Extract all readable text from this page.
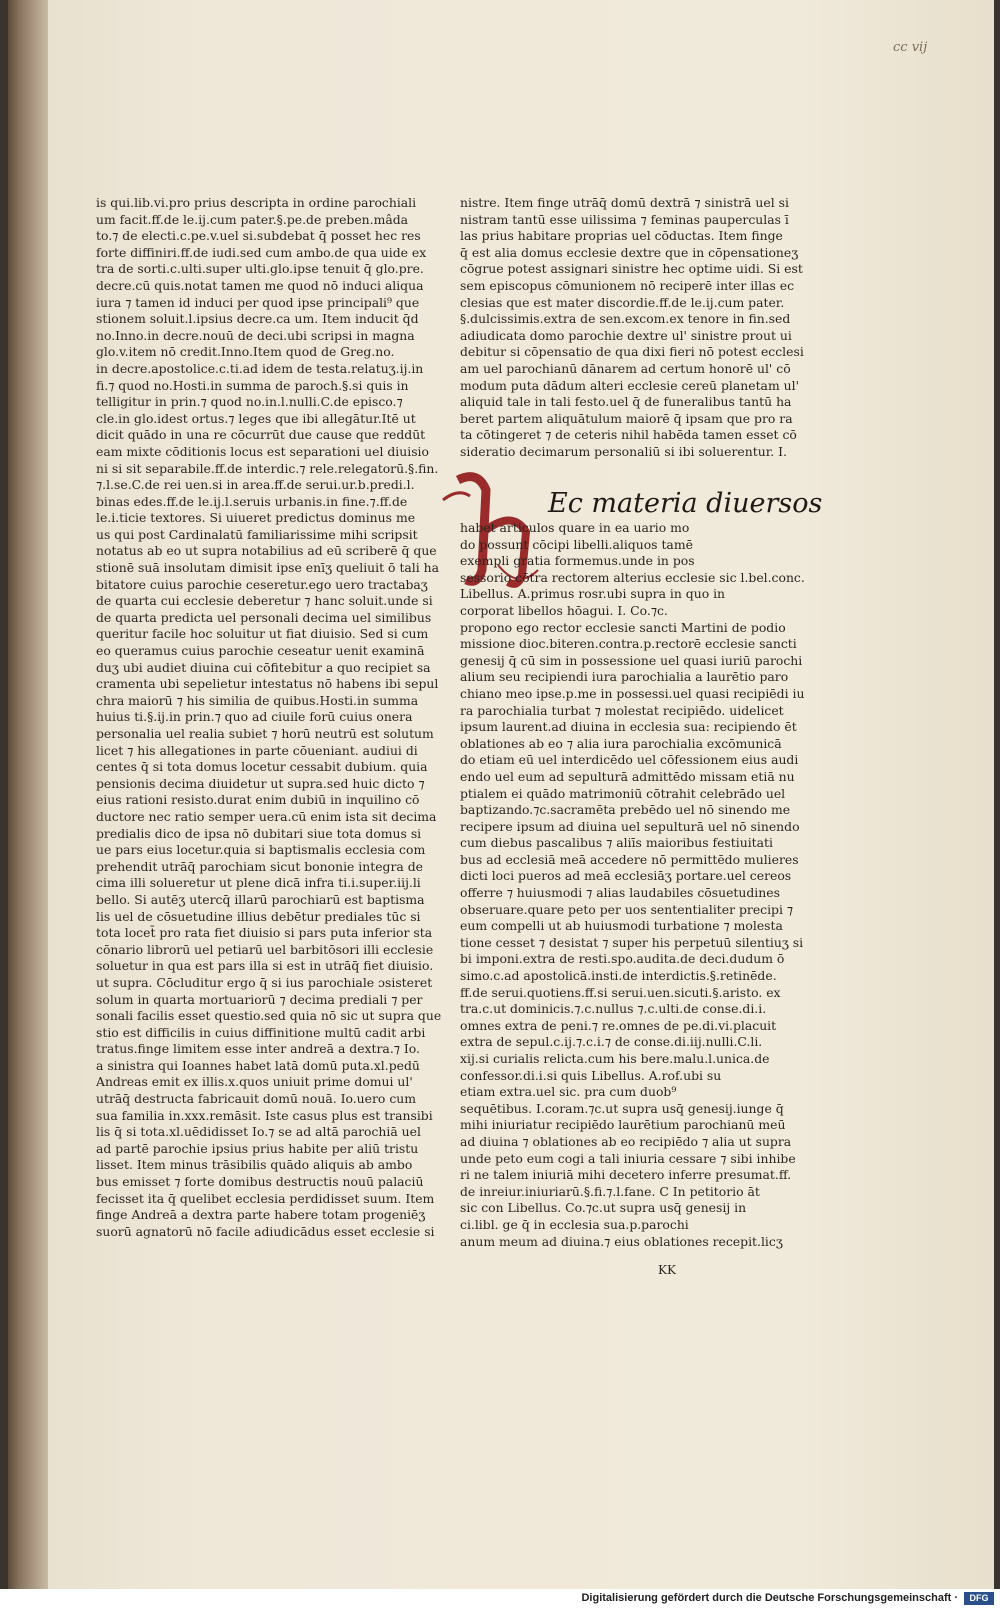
cc vij
is qui.lib.vi.pro prius descripta in ordine parochiali
um facit.ff.de le.ij.cum pater.§.pe.de preben.mâda
to.⁊ de electi.c.pe.v.uel si.subdebat q̄ posset hec res
forte diffiniri.ff.de iudi.sed cum ambo.de qua uide ex
tra de sorti.c.ulti.super ulti.glo.ipse tenuit q̄ glo.pre.
decre.cū quis.notat tamen me quod nō induci aliqua
iura ⁊ tamen id induci per quod ipse principali⁹ que
stionem soluit.l.ipsius decre.ca um. Item inducit q̄d
no.Inno.in decre.nouū de deci.ubi scripsi in magna
glo.v.item nō credit.Inno.Item quod de Greg.no.
in decre.apostolice.c.ti.ad idem de testa.relatuʒ.ij.in
fi.⁊ quod no.Hosti.in summa de paroch.§.si quis in
telligitur in prin.⁊ quod no.in.l.nulli.C.de episco.⁊
cle.in glo.idest ortus.⁊ leges que ibi allegātur.Itē ut
dicit quādo in una re cōcurrūt due cause que reddūt
eam mixte cōditionis locus est separationi uel diuisio
ni si sit separabile.ff.de interdic.⁊ rele.relegatorū.§.fin.
⁊.l.se.C.de rei uen.si in area.ff.de serui.ur.b.predi.l.
binas edes.ff.de le.ij.l.seruis urbanis.in fine.⁊.ff.de
le.i.ticie textores. Si uiueret predictus dominus me
us qui post Cardinalatū familiarissime mihi scripsit
notatus ab eo ut supra notabilius ad eū scriberē q̄ que
stionē suā insolutam dimisit ipse enīʒ queliuit ō tali ha
bitatore cuius parochie ceseretur.ego uero tractabaʒ
de quarta cui ecclesie deberetur ⁊ hanc soluit.unde si
de quarta predicta uel personali decima uel similibus
queritur facile hoc soluitur ut fiat diuisio. Sed si cum
eo queramus cuius parochie ceseatur uenit examinā
duʒ ubi audiet diuina cui cōfitebitur a quo recipiet sa
cramenta ubi sepelietur intestatus nō habens ibi sepul
chra maiorū ⁊ his similia de quibus.Hosti.in summa
huius ti.§.ij.in prin.⁊ quo ad ciuile forū cuius onera
personalia uel realia subiet ⁊ horū neutrū est solutum
licet ⁊ his allegationes in parte cōueniant. audiui di
centes q̄ si tota domus locetur cessabit dubium. quia
pensionis decima diuidetur ut supra.sed huic dicto ⁊
eius rationi resisto.durat enim dubiū in inquilino cō
ductore nec ratio semper uera.cū enim ista sit decima
predialis dico de ipsa nō dubitari siue tota domus si
ue pars eius locetur.quia si baptismalis ecclesia com
prehendit utrāq̄ parochiam sicut bononie integra de
cima illi solueretur ut plene dicā infra ti.i.super.iij.li
bello. Si autēʒ utercq̄ illarū parochiarū est baptisma
lis uel de cōsuetudine illius debētur prediales tūc si
tota locet̄ pro rata fiet diuisio si pars puta inferior sta
cōnario librorū uel petiarū uel barbitōsori illi ecclesie
soluetur in qua est pars illa si est in utrāq̄ fiet diuisio.
ut supra. Cōcluditur ergo q̄ si ius parochiale ɔsisteret
solum in quarta mortuariorū ⁊ decima prediali ⁊ per
sonali facilis esset questio.sed quia nō sic ut supra que
stio est difficilis in cuius diffinitione multū cadit arbi
tratus.finge limitem esse inter andreā a dextra.⁊ Io.
a sinistra qui Ioannes habet latā domū puta.xl.pedū
Andreas emit ex illis.x.quos uniuit prime domui ul'
utrāq̄ destructa fabricauit domū nouā. Io.uero cum
sua familia in.xxx.remāsit. Iste casus plus est transibi
lis q̄ si tota.xl.uēdidisset Io.⁊ se ad altā parochiā uel
ad partē parochie ipsius prius habite per aliū tristu
lisset. Item minus trāsibilis quādo aliquis ab ambo
bus emisset ⁊ forte domibus destructis nouū palaciū
fecisset ita q̄ quelibet ecclesia perdidisset suum. Item
finge Andreā a dextra parte habere totam progeniēʒ
suorū agnatorū nō facile adiudicādus esset ecclesie si
nistre. Item finge utrāq̄ domū dextrā ⁊ sinistrā uel si
nistram tantū esse uilissima ⁊ feminas pauperculas ī
las prius habitare proprias uel cōductas. Item finge
q̄ est alia domus ecclesie dextre que in cōpensationeʒ
cōgrue potest assignari sinistre hec optime uidi. Si est
sem episcopus cōmunionem nō reciperē inter illas ec
clesias que est mater discordie.ff.de le.ij.cum pater.
§.dulcissimis.extra de sen.excom.ex tenore in fin.sed
adiudicata domo parochie dextre ul' sinistre prout ui
debitur si cōpensatio de qua dixi fieri nō potest ecclesi
am uel parochianū dānarem ad certum honorē ul' cō
modum puta dādum alteri ecclesie cereū planetam ul'
aliquid tale in tali festo.uel q̄ de funeralibus tantū ha
beret partem aliquātulum maiorē q̄ ipsam que pro ra
ta cōtingeret ⁊ de ceteris nihil habēda tamen esset cō
sideratio decimarum personaliū si ibi soluerentur. I.
Ec materia diuersos
habet articulos quare in ea uario mo
do possunt cōcipi libelli.aliquos tamē
exempli gratia formemus.unde in pos
sessorio cōtra rectorem alterius ecclesie sic l.bel.conc.
Libellus. A.primus rosr.ubi supra in quo in
corporat libellos hōagui. I. Co.⁊c.
propono ego rector ecclesie sancti Martini de podio
missione dioc.biteren.contra.p.rectorē ecclesie sancti
genesij q̄ cū sim in possessione uel quasi iuriū parochi
alium seu recipiendi iura parochialia a laurētio paro
chiano meo ipse.p.me in possessi.uel quasi recipiēdi iu
ra parochialia turbat ⁊ molestat recipiēdo. uidelicet
ipsum laurent.ad diuina in ecclesia sua: recipiendo ēt
oblationes ab eo ⁊ alia iura parochialia excōmunicā
do etiam eū uel interdicēdo uel cōfessionem eius audi
endo uel eum ad sepulturā admittēdo missam etiā nu
ptialem ei quādo matrimoniū cōtrahit celebrādo uel
baptizando.⁊c.sacramēta prebēdo uel nō sinendo me
recipere ipsum ad diuina uel sepulturā uel nō sinendo
cum diebus pascalibus ⁊ aliīs maioribus festiuitati
bus ad ecclesiā meā accedere nō permittēdo mulieres
dicti loci pueros ad meā ecclesiāʒ portare.uel cereos
offerre ⁊ huiusmodi ⁊ alias laudabiles cōsuetudines
obseruare.quare peto per uos sententialiter precipi ⁊
eum compelli ut ab huiusmodi turbatione ⁊ molesta
tione cesset ⁊ desistat ⁊ super his perpetuū silentiuʒ si
bi imponi.extra de resti.spo.audita.de deci.dudum ō
simo.c.ad apostolicā.insti.de interdictis.§.retinēde.
ff.de serui.quotiens.ff.si serui.uen.sicuti.§.aristo. ex
tra.c.ut dominicis.⁊.c.nullus ⁊.c.ulti.de conse.di.i.
omnes extra de peni.⁊ re.omnes de pe.di.vi.placuit
extra de sepul.c.ij.⁊.c.i.⁊ de conse.di.iij.nulli.C.li.
xij.si curialis relicta.cum his bere.malu.l.unica.de
confessor.di.i.si quis Libellus. A.rof.ubi su
etiam extra.uel sic. pra cum duob⁹
sequētibus. I.coram.⁊c.ut supra usq̄ genesij.iunge q̄
mihi iniuriatur recipiēdo laurētium parochianū meū
ad diuina ⁊ oblationes ab eo recipiēdo ⁊ alia ut supra
unde peto eum cogi a tali iniuria cessare ⁊ sibi inhibe
ri ne talem iniuriā mihi decetero inferre presumat.ff.
de inreiur.iniuriarū.§.fi.⁊.l.fane. C In petitorio āt
sic con Libellus. Co.⁊c.ut supra usq̄ genesij in
ci.libl. ge q̄ in ecclesia sua.p.parochi
anum meum ad diuina.⁊ eius oblationes recepit.licʒ
KK
Digitalisierung gefördert durch die Deutsche Forschungsgemeinschaft ·	DFG
